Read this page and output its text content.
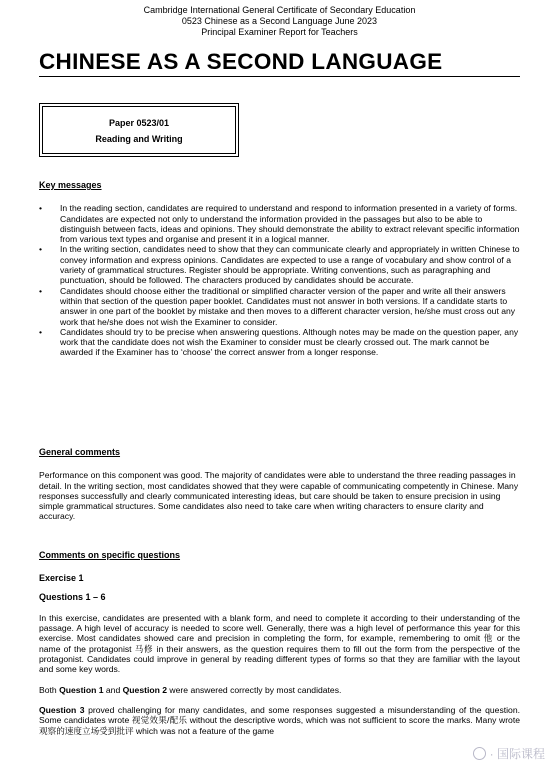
Cambridge International General Certificate of Secondary Education
0523 Chinese as a Second Language June 2023
Principal Examiner Report for Teachers
CHINESE AS A SECOND LANGUAGE
Paper 0523/01
Reading and Writing
Key messages
• In the reading section, candidates are required to understand and respond to information presented in a variety of forms. Candidates are expected not only to understand the information provided in the passages but also to be able to distinguish between facts, ideas and opinions. They should demonstrate the ability to extract relevant specific information from various text types and organise and present it in a logical manner.
• In the writing section, candidates need to show that they can communicate clearly and appropriately in written Chinese to convey information and express opinions. Candidates are expected to use a range of vocabulary and show control of a variety of grammatical structures. Register should be appropriate. Writing conventions, such as paragraphing and punctuation, should be followed. The characters produced by candidates should be accurate.
• Candidates should choose either the traditional or simplified character version of the paper and write all their answers within that section of the question paper booklet. Candidates must not answer in both versions. If a candidate starts to answer in one part of the booklet by mistake and then moves to a different character version, he/she must cross out any work that he/she does not wish the Examiner to consider.
• Candidates should try to be precise when answering questions. Although notes may be made on the question paper, any work that the candidate does not wish the Examiner to consider must be clearly crossed out. The mark cannot be awarded if the Examiner has to ‘choose’ the correct answer from a longer response.
General comments

Performance on this component was good. The majority of candidates were able to understand the three reading passages in detail. In the writing section, most candidates showed that they were capable of communicating competently in Chinese. Many responses successfully and clearly communicated interesting ideas, but care should be taken to ensure precision in using simple grammatical structures. Some candidates also need to take care when writing characters to ensure clarity and accuracy.

Comments on specific questions
Exercise 1
Questions 1 – 6

In this exercise, candidates are presented with a blank form, and need to complete it according to their understanding of the passage. A high level of accuracy is needed to score well. Generally, there was a high level of performance this year for this exercise. Most candidates showed care and precision in completing the form, for example, remembering to omit 他 or the name of the protagonist 马修 in their answers, as the question requires them to fill out the form from the perspective of the protagonist. Candidates could improve in general by reading different types of forms so that they are familiar with the layout and some key words.

Both Question 1 and Question 2 were answered correctly by most candidates.

Question 3 proved challenging for many candidates, and some responses suggested a misunderstanding of the question. Some candidates wrote 视觉效果/配乐 without the descriptive words, which was not sufficient to score the marks. Many wrote 观察的速度立场受到批评 which was not a feature of the game

· 国际课程
